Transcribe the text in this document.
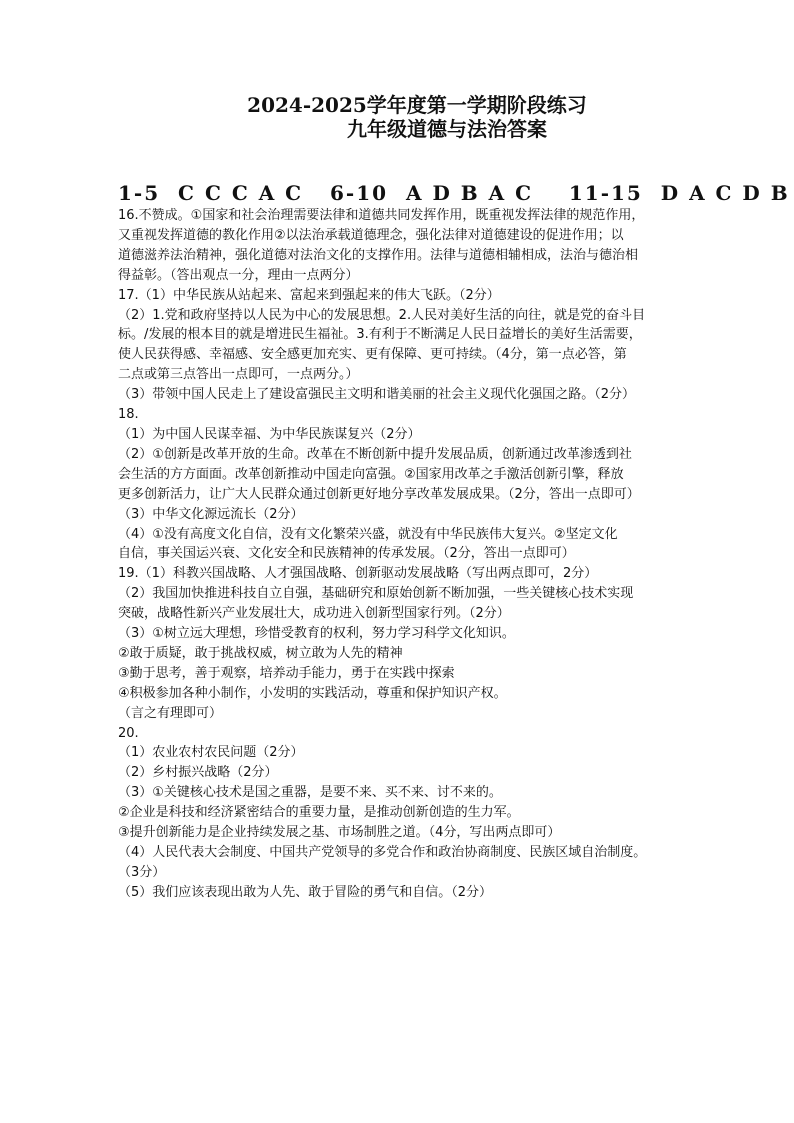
2024-2025学年度第一学期阶段练习
九年级道德与法治答案
1-5  C C C A C   6-10  A D B A C    11-15  D A C D B

16.不赞成。①国家和社会治理需要法律和道德共同发挥作用，既重视发挥法律的规范作用，

又重视发挥道德的教化作用②以法治承载道德理念，强化法律对道德建设的促进作用；以

道德滋养法治精神，强化道德对法治文化的支撑作用。法律与道德相辅相成，法治与德治相

得益彰。（答出观点一分，理由一点两分）

17.（1）中华民族从站起来、富起来到强起来的伟大飞跃。（2分）

（2）1.党和政府坚持以人民为中心的发展思想。2.人民对美好生活的向往，就是党的奋斗目

标。/发展的根本目的就是增进民生福祉。3.有利于不断满足人民日益增长的美好生活需要，

使人民获得感、幸福感、安全感更加充实、更有保障、更可持续。（4分，第一点必答，第

二点或第三点答出一点即可，一点两分。）

（3）带领中国人民走上了建设富强民主文明和谐美丽的社会主义现代化强国之路。（2分）

18.

（1）为中国人民谋幸福、为中华民族谋复兴（2分）

（2）①创新是改革开放的生命。改革在不断创新中提升发展品质，创新通过改革渗透到社

会生活的方方面面。改革创新推动中国走向富强。②国家用改革之手激活创新引擎，释放

更多创新活力，让广大人民群众通过创新更好地分享改革发展成果。（2分，答出一点即可）

（3）中华文化源远流长（2分）

（4）①没有高度文化自信，没有文化繁荣兴盛，就没有中华民族伟大复兴。②坚定文化

自信，事关国运兴衰、文化安全和民族精神的传承发展。（2分，答出一点即可）

19.（1）科教兴国战略、人才强国战略、创新驱动发展战略（写出两点即可，2分）

（2）我国加快推进科技自立自强，基础研究和原始创新不断加强，一些关键核心技术实现

突破，战略性新兴产业发展壮大，成功进入创新型国家行列。（2分）

（3）①树立远大理想，珍惜受教育的权利，努力学习科学文化知识。

②敢于质疑，敢于挑战权威，树立敢为人先的精神

③勤于思考，善于观察，培养动手能力，勇于在实践中探索

④积极参加各种小制作，小发明的实践活动，尊重和保护知识产权。

（言之有理即可）

20.

（1）农业农村农民问题（2分）

（2）乡村振兴战略（2分）

（3）①关键核心技术是国之重器，是要不来、买不来、讨不来的。

②企业是科技和经济紧密结合的重要力量，是推动创新创造的生力军。

③提升创新能力是企业持续发展之基、市场制胜之道。（4分，写出两点即可）

（4）人民代表大会制度、中国共产党领导的多党合作和政治协商制度、民族区域自治制度。

（3分）

（5）我们应该表现出敢为人先、敢于冒险的勇气和自信。（2分）
